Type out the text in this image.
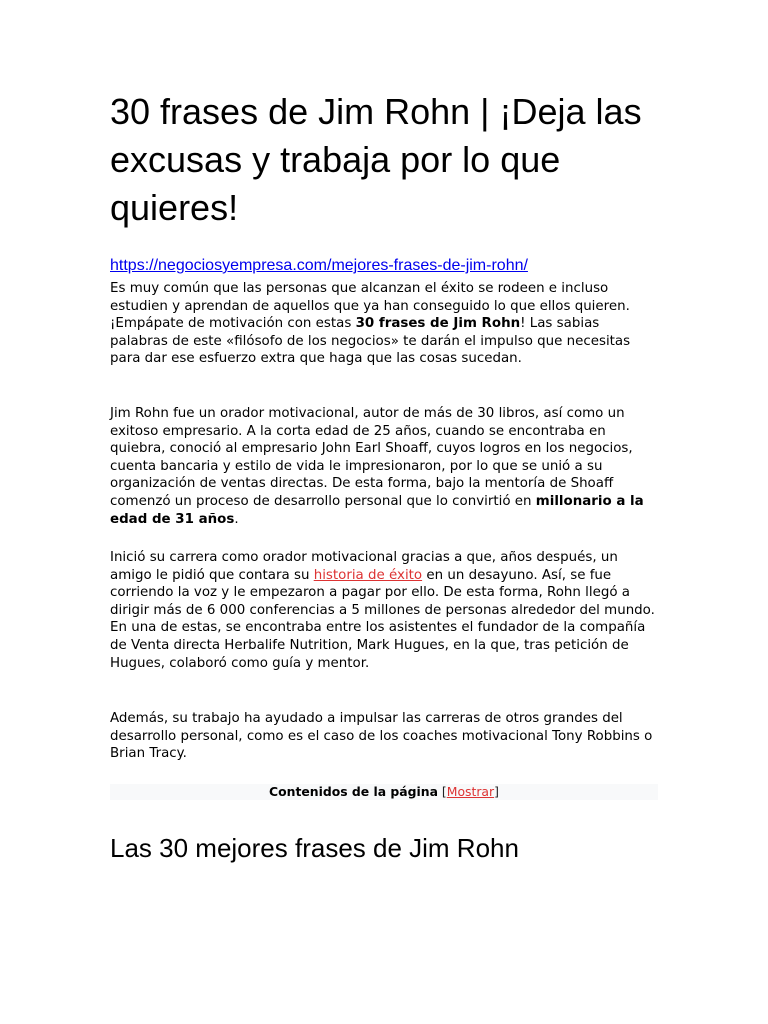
30 frases de Jim Rohn | ¡Deja las excusas y trabaja por lo que quieres!
https://negociosyempresa.com/mejores-frases-de-jim-rohn/

Es muy común que las personas que alcanzan el éxito se rodeen e incluso estudien y aprendan de aquellos que ya han conseguido lo que ellos quieren. ¡Empápate de motivación con estas 30 frases de Jim Rohn! Las sabias palabras de este «filósofo de los negocios» te darán el impulso que necesitas para dar ese esfuerzo extra que haga que las cosas sucedan.

Jim Rohn fue un orador motivacional, autor de más de 30 libros, así como un exitoso empresario. A la corta edad de 25 años, cuando se encontraba en quiebra, conoció al empresario John Earl Shoaff, cuyos logros en los negocios, cuenta bancaria y estilo de vida le impresionaron, por lo que se unió a su organización de ventas directas. De esta forma, bajo la mentoría de Shoaff comenzó un proceso de desarrollo personal que lo convirtió en millonario a la edad de 31 años.

Inició su carrera como orador motivacional gracias a que, años después, un amigo le pidió que contara su historia de éxito en un desayuno. Así, se fue corriendo la voz y le empezaron a pagar por ello. De esta forma, Rohn llegó a dirigir más de 6 000 conferencias a 5 millones de personas alrededor del mundo. En una de estas, se encontraba entre los asistentes el fundador de la compañía de Venta directa Herbalife Nutrition, Mark Hugues, en la que, tras petición de Hugues, colaboró como guía y mentor.

Además, su trabajo ha ayudado a impulsar las carreras de otros grandes del desarrollo personal, como es el caso de los coaches motivacional Tony Robbins o Brian Tracy.

Contenidos de la página [Mostrar]
Las 30 mejores frases de Jim Rohn
